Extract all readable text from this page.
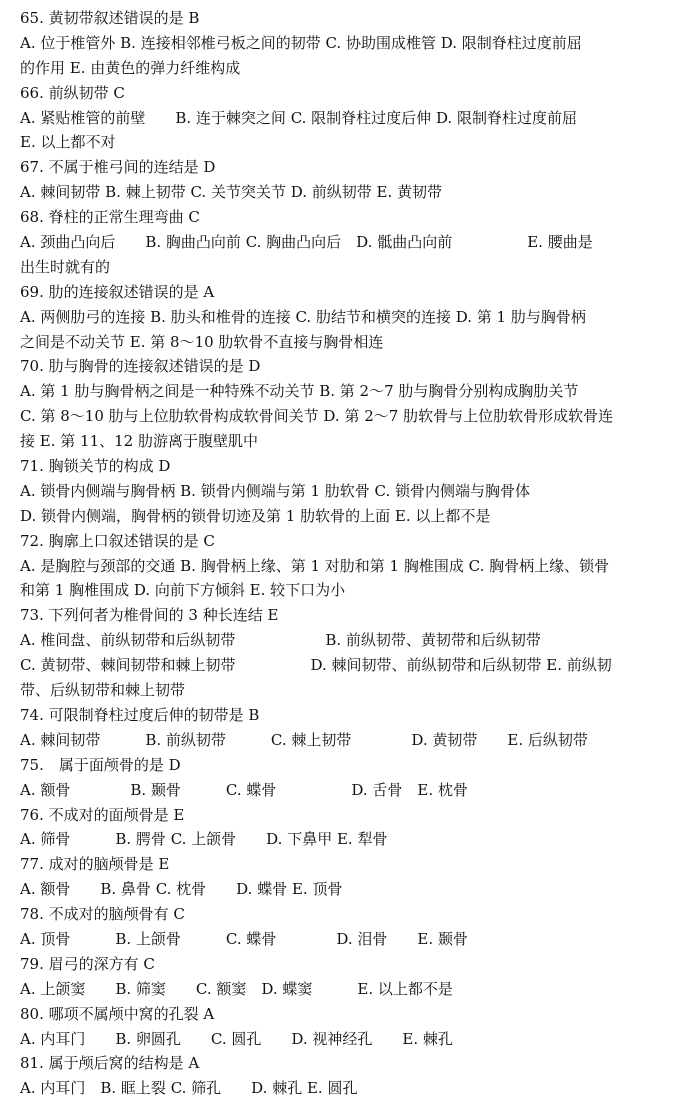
65. 黄韧带叙述错误的是 B
A. 位于椎管外 B. 连接相邻椎弓板之间的韧带 C. 协助围成椎管 D. 限制脊柱过度前屈
的作用 E. 由黄色的弹力纤维构成
66. 前纵韧带 C
A. 紧贴椎管的前壁　　B. 连于棘突之间 C. 限制脊柱过度后伸 D. 限制脊柱过度前屈
E. 以上都不对
67. 不属于椎弓间的连结是 D
A. 棘间韧带 B. 棘上韧带 C. 关节突关节 D. 前纵韧带 E. 黄韧带
68. 脊柱的正常生理弯曲 C
A. 颈曲凸向后　　B. 胸曲凸向前 C. 胸曲凸向后　D. 骶曲凸向前　　　　　E. 腰曲是
出生时就有的
69. 肋的连接叙述错误的是 A
A. 两侧肋弓的连接 B. 肋头和椎骨的连接 C. 肋结节和横突的连接 D. 第 1 肋与胸骨柄
之间是不动关节 E. 第 8～10 肋软骨不直接与胸骨相连
70. 肋与胸骨的连接叙述错误的是 D
A. 第 1 肋与胸骨柄之间是一种特殊不动关节 B. 第 2～7 肋与胸骨分别构成胸肋关节
C. 第 8～10 肋与上位肋软骨构成软骨间关节 D. 第 2～7 肋软骨与上位肋软骨形成软骨连
接 E. 第 11、12 肋游离于腹壁肌中
71. 胸锁关节的构成 D
A. 锁骨内侧端与胸骨柄 B. 锁骨内侧端与第 1 肋软骨 C. 锁骨内侧端与胸骨体
D. 锁骨内侧端，胸骨柄的锁骨切迹及第 1 肋软骨的上面 E. 以上都不是
72. 胸廓上口叙述错误的是 C
A. 是胸腔与颈部的交通 B. 胸骨柄上缘、第 1 对肋和第 1 胸椎围成 C. 胸骨柄上缘、锁骨
和第 1 胸椎围成 D. 向前下方倾斜 E. 较下口为小
73. 下列何者为椎骨间的 3 种长连结 E
A. 椎间盘、前纵韧带和后纵韧带　　　　　　B. 前纵韧带、黄韧带和后纵韧带
C. 黄韧带、棘间韧带和棘上韧带　　　　　D. 棘间韧带、前纵韧带和后纵韧带 E. 前纵韧
带、后纵韧带和棘上韧带
74. 可限制脊柱过度后伸的韧带是 B
A. 棘间韧带　　　B. 前纵韧带　　　C. 棘上韧带　　　　D. 黄韧带　　E. 后纵韧带
75.　属于面颅骨的是 D
A. 额骨　　　　B. 颞骨　　　C. 蝶骨　　　　　D. 舌骨　E. 枕骨
76. 不成对的面颅骨是 E
A. 筛骨　　　B. 腭骨 C. 上颌骨　　D. 下鼻甲 E. 犁骨
77. 成对的脑颅骨是 E
A. 额骨　　B. 鼻骨 C. 枕骨　　D. 蝶骨 E. 顶骨
78. 不成对的脑颅骨有 C
A. 顶骨　　　B. 上颌骨　　　C. 蝶骨　　　　D. 泪骨　　E. 颞骨
79. 眉弓的深方有 C
A. 上颌窦　　B. 筛窦　　C. 额窦　D. 蝶窦　　　E. 以上都不是
80. 哪项不属颅中窝的孔裂 A
A. 内耳门　　B. 卵圆孔　　C. 圆孔　　D. 视神经孔　　E. 棘孔
81. 属于颅后窝的结构是 A
A. 内耳门　B. 眶上裂 C. 筛孔　　D. 棘孔 E. 圆孔
